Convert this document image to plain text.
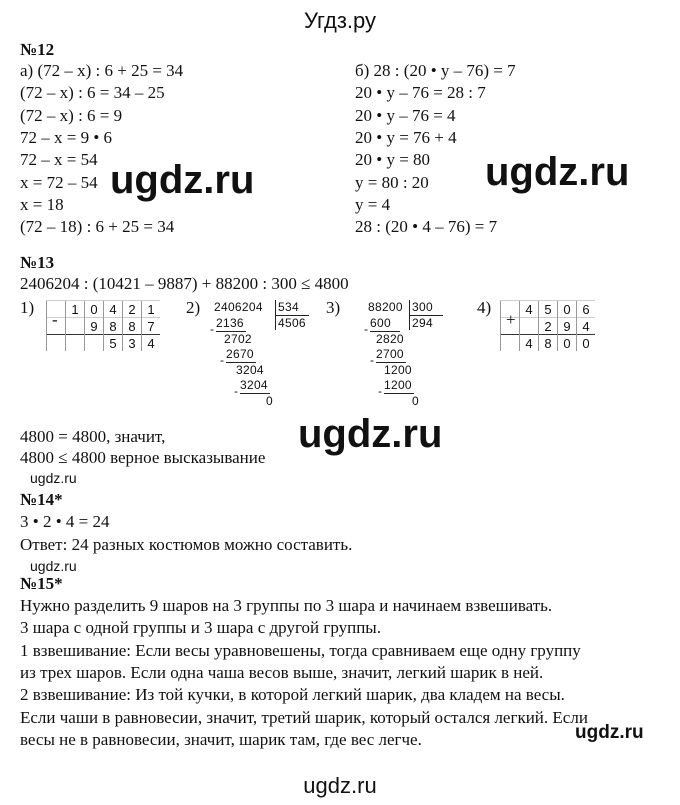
Угдз.ру
№12
а) (72 – х) : 6 + 25 = 34
(72 – х) : 6 = 34 – 25
(72 – х) : 6 = 9
72 – х = 9 • 6
72 – х = 54
х = 72 – 54
х = 18
(72 – 18) : 6 + 25 = 34
б) 28 : (20 • у – 76) = 7
20 • у – 76 = 28 : 7
20 • у – 76 = 4
20 • у = 76 + 4
20 • у = 80
у = 80 : 20
у = 4
28 : (20 • 4 – 76) = 7
ugdz.ru	ugdz.ru
№13
2406204 : (10421 – 9887) + 88200 : 300 ≤ 4800
1)	2)	3)	4)
	1	0	4	2	1
		9	8	8	7
			5	3	4
-
2406204 534
4506
2136
-
2702
2670
-
3204
3204
-
0
88200 300
294
600
-
2820
2700
-
1200
1200
-
0
	4	5	0	6
		2	9	4
	4	8	0	0
+
ugdz.ru
4800 = 4800, значит,
4800 ≤ 4800 верное высказывание
ugdz.ru
№14*
3 • 2 • 4 = 24
Ответ: 24 разных костюмов можно составить.
ugdz.ru
№15*
Нужно разделить 9 шаров на 3 группы по 3 шара и начинаем взвешивать.
3 шара с одной группы и 3 шара с другой группы.
1 взвешивание: Если весы уравновешены, тогда сравниваем еще одну группу
из трех шаров. Если одна чаша весов выше, значит, легкий шарик в ней.
2 взвешивание: Из той кучки, в которой легкий шарик, два кладем на весы.
Если чаши в равновесии, значит, третий шарик, который остался легкий. Если
весы не в равновесии, значит, шарик там, где вес легче.	ugdz.ru
ugdz.ru
